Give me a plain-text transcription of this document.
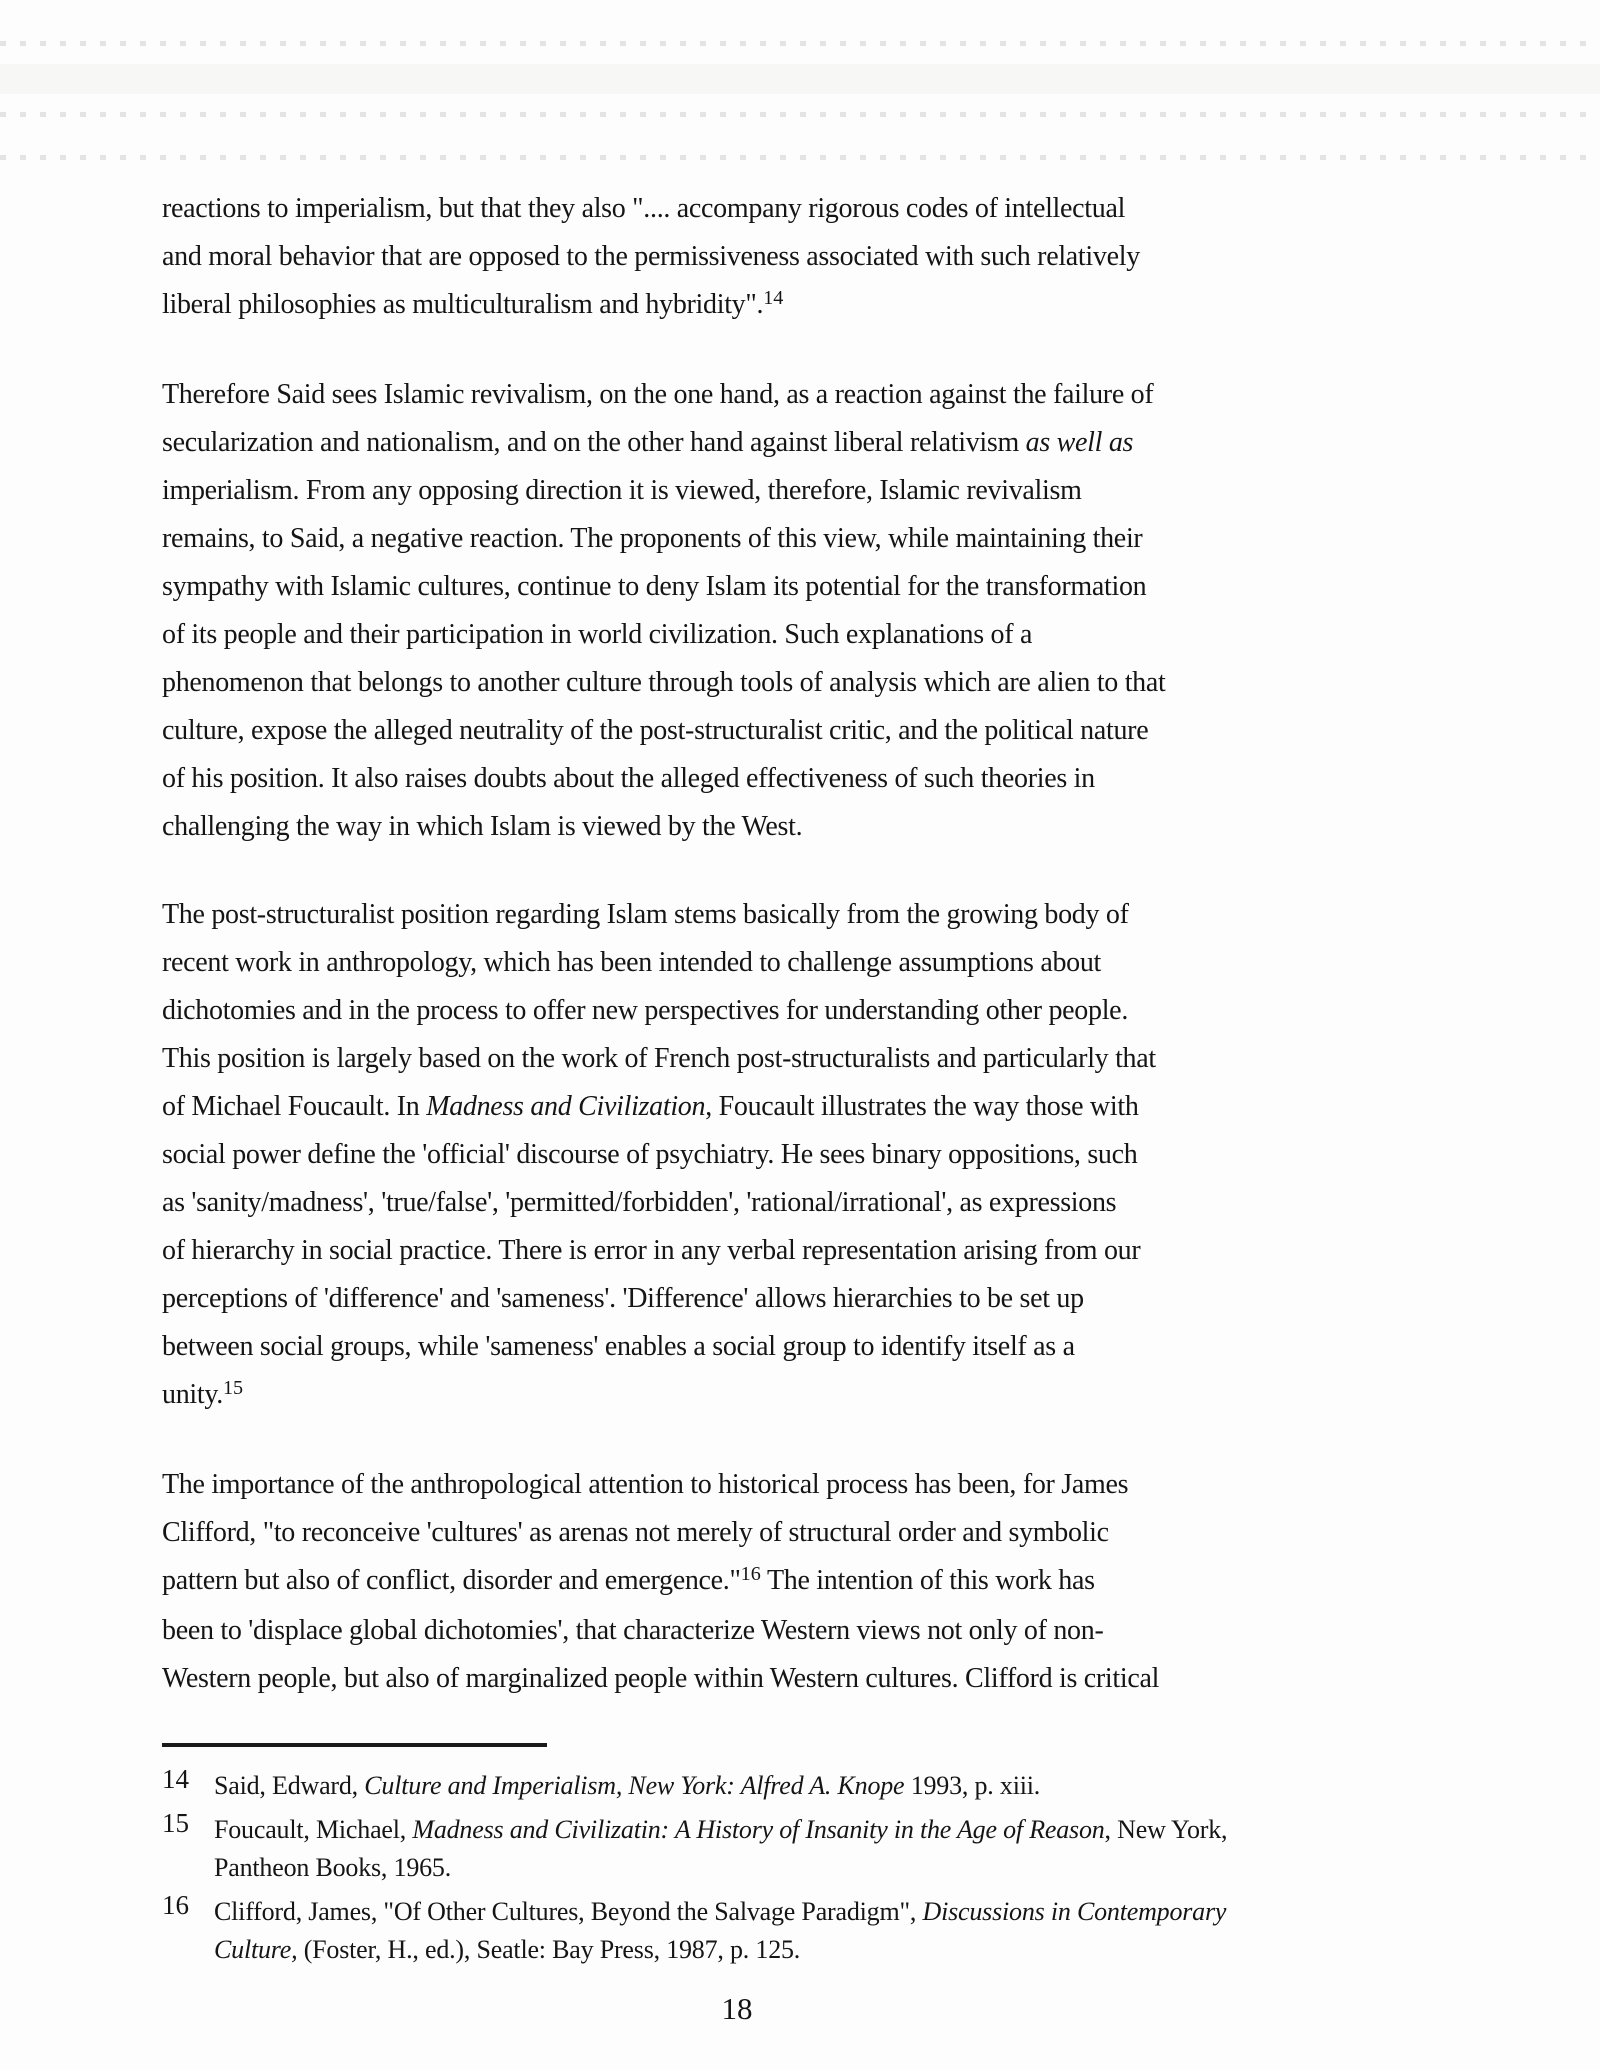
reactions to imperialism, but that they also ".... accompany rigorous codes of intellectual
and moral behavior that are opposed to the permissiveness associated with such relatively
liberal philosophies as multiculturalism and hybridity".$^{14}$
Therefore Said sees Islamic revivalism, on the one hand, as a reaction against the failure of
secularization and nationalism, and on the other hand against liberal relativism as well as
imperialism. From any opposing direction it is viewed, therefore, Islamic revivalism
remains, to Said, a negative reaction. The proponents of this view, while maintaining their
sympathy with Islamic cultures, continue to deny Islam its potential for the transformation
of its people and their participation in world civilization. Such explanations of a
phenomenon that belongs to another culture through tools of analysis which are alien to that
culture, expose the alleged neutrality of the post-structuralist critic, and the political nature
of his position. It also raises doubts about the alleged effectiveness of such theories in
challenging the way in which Islam is viewed by the West.
The post-structuralist position regarding Islam stems basically from the growing body of
recent work in anthropology, which has been intended to challenge assumptions about
dichotomies and in the process to offer new perspectives for understanding other people.
This position is largely based on the work of French post-structuralists and particularly that
of Michael Foucault. In Madness and Civilization, Foucault illustrates the way those with
social power define the 'official' discourse of psychiatry. He sees binary oppositions, such
as 'sanity/madness', 'true/false', 'permitted/forbidden', 'rational/irrational', as expressions
of hierarchy in social practice. There is error in any verbal representation arising from our
perceptions of 'difference' and 'sameness'. 'Difference' allows hierarchies to be set up
between social groups, while 'sameness' enables a social group to identify itself as a
unity.$^{15}$
The importance of the anthropological attention to historical process has been, for James
Clifford, "to reconceive 'cultures' as arenas not merely of structural order and symbolic
pattern but also of conflict, disorder and emergence."$^{16}$ The intention of this work has
been to 'displace global dichotomies', that characterize Western views not only of non-
Western people, but also of marginalized people within Western cultures. Clifford is critical
14 Said, Edward, Culture and Imperialism, New York: Alfred A. Knope 1993, p. xiii.
15 Foucault, Michael, Madness and Civilizatin: A History of Insanity in the Age of Reason, New York,
Pantheon Books, 1965.
16 Clifford, James, "Of Other Cultures, Beyond the Salvage Paradigm", Discussions in Contemporary
Culture, (Foster, H., ed.), Seatle: Bay Press, 1987, p. 125.
18
